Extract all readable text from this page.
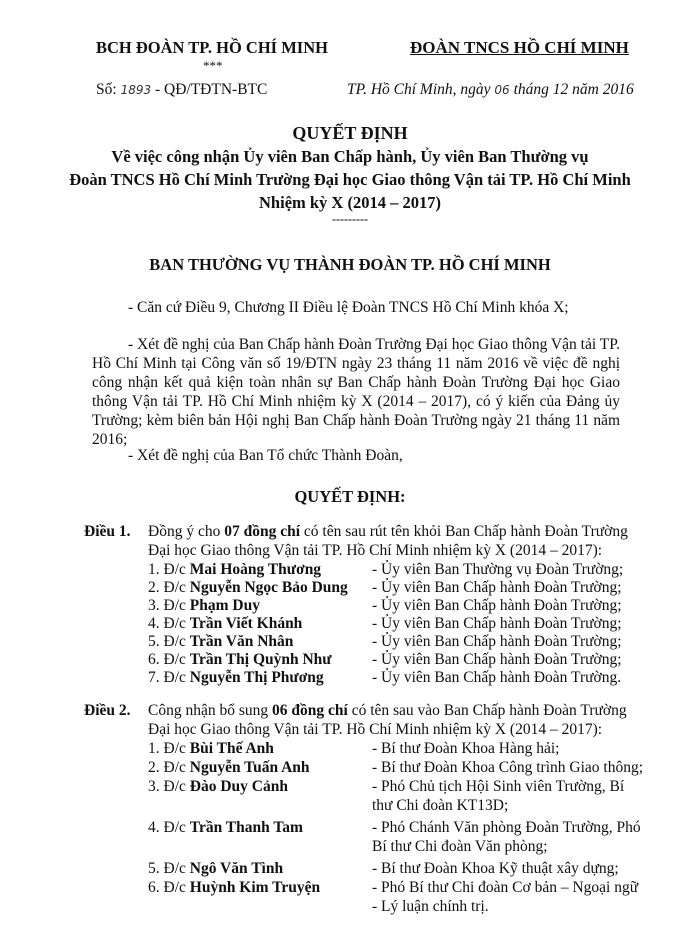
BCH ĐOÀN TP. HỒ CHÍ MINH
***
Số: 1893 - QĐ/TĐTN-BTC
ĐOÀN TNCS HỒ CHÍ MINH
TP. Hồ Chí Minh, ngày 06 tháng 12 năm 2016
QUYẾT ĐỊNH
Về việc công nhận Ủy viên Ban Chấp hành, Ủy viên Ban Thường vụ
Đoàn TNCS Hồ Chí Minh Trường Đại học Giao thông Vận tải TP. Hồ Chí Minh
Nhiệm kỳ X (2014 – 2017)
---------
BAN THƯỜNG VỤ THÀNH ĐOÀN TP. HỒ CHÍ MINH
- Căn cứ Điều 9, Chương II Điều lệ Đoàn TNCS Hồ Chí Minh khóa X;
- Xét đề nghị của Ban Chấp hành Đoàn Trường Đại học Giao thông Vận tải TP. Hồ Chí Minh tại Công văn số 19/ĐTN ngày 23 tháng 11 năm 2016 về việc đề nghị công nhận kết quả kiện toàn nhân sự Ban Chấp hành Đoàn Trường Đại học Giao thông Vận tải TP. Hồ Chí Minh nhiệm kỳ X (2014 – 2017), có ý kiến của Đảng ủy Trường; kèm biên bản Hội nghị Ban Chấp hành Đoàn Trường ngày 21 tháng 11 năm 2016;
- Xét đề nghị của Ban Tổ chức Thành Đoàn,
QUYẾT ĐỊNH:
Điều 1. Đồng ý cho 07 đồng chí có tên sau rút tên khỏi Ban Chấp hành Đoàn Trường
Đại học Giao thông Vận tải TP. Hồ Chí Minh nhiệm kỳ X (2014 – 2017):
1. Đ/c Mai Hoàng Thương	- Ủy viên Ban Thường vụ Đoàn Trường;
2. Đ/c Nguyễn Ngọc Bảo Dung - Ủy viên Ban Chấp hành Đoàn Trường;
3. Đ/c Phạm Duy	- Ủy viên Ban Chấp hành Đoàn Trường;
4. Đ/c Trần Viết Khánh	- Ủy viên Ban Chấp hành Đoàn Trường;
5. Đ/c Trần Văn Nhân	- Ủy viên Ban Chấp hành Đoàn Trường;
6. Đ/c Trần Thị Quỳnh Như	- Ủy viên Ban Chấp hành Đoàn Trường;
7. Đ/c Nguyễn Thị Phương	- Ủy viên Ban Chấp hành Đoàn Trường.
Điều 2. Công nhận bổ sung 06 đồng chí có tên sau vào Ban Chấp hành Đoàn Trường
Đại học Giao thông Vận tải TP. Hồ Chí Minh nhiệm kỳ X (2014 – 2017):
1. Đ/c Bùi Thế Anh	- Bí thư Đoàn Khoa Hàng hải;
2. Đ/c Nguyễn Tuấn Anh	- Bí thư Đoàn Khoa Công trình Giao thông;
3. Đ/c Đào Duy Cảnh	- Phó Chủ tịch Hội Sinh viên Trường, Bí thư Chi đoàn KT13D;
4. Đ/c Trần Thanh Tam	- Phó Chánh Văn phòng Đoàn Trường, Phó Bí thư Chi đoàn Văn phòng;
5. Đ/c Ngô Văn Tình	- Bí thư Đoàn Khoa Kỹ thuật xây dựng;
6. Đ/c Huỳnh Kim Truyện	- Phó Bí thư Chi đoàn Cơ bản – Ngoại ngữ - Lý luận chính trị.
